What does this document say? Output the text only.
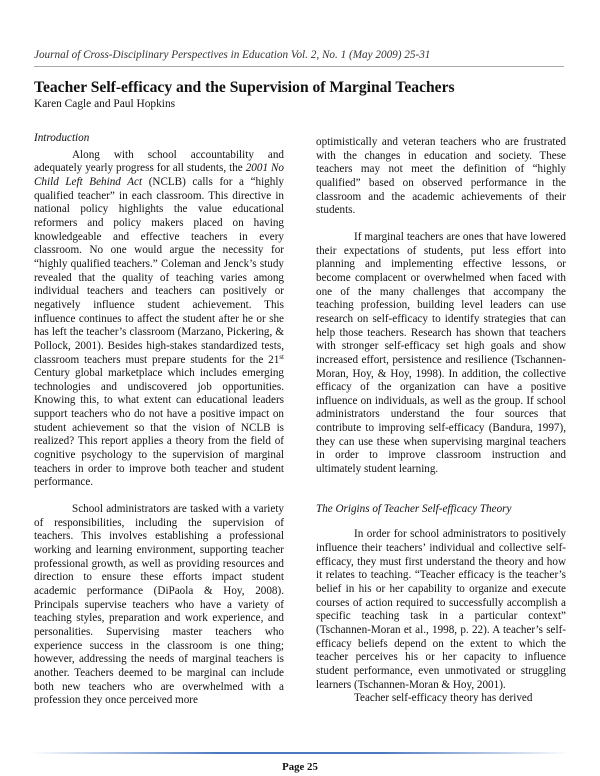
Journal of Cross-Disciplinary Perspectives in Education Vol. 2, No. 1 (May 2009) 25-31
Teacher Self-efficacy and the Supervision of Marginal Teachers
Karen Cagle and Paul Hopkins

Introduction

Along with school accountability and adequately yearly progress for all students, the 2001 No Child Left Behind Act (NCLB) calls for a “highly qualified teacher” in each classroom. This directive in national policy highlights the value educational reformers and policy makers placed on having knowledgeable and effective teachers in every classroom. No one would argue the necessity for “highly qualified teachers.” Coleman and Jenck’s study revealed that the quality of teaching varies among individual teachers and teachers can positively or negatively influence student achievement. This influence continues to affect the student after he or she has left the teacher’s classroom (Marzano, Pickering, & Pollock, 2001). Besides high-stakes standardized tests, classroom teachers must prepare students for the 21st Century global marketplace which includes emerging technologies and undiscovered job opportunities. Knowing this, to what extent can educational leaders support teachers who do not have a positive impact on student achievement so that the vision of NCLB is realized? This report applies a theory from the field of cognitive psychology to the supervision of marginal teachers in order to improve both teacher and student performance.

School administrators are tasked with a variety of responsibilities, including the supervision of teachers. This involves establishing a professional working and learning environment, supporting teacher professional growth, as well as providing resources and direction to ensure these efforts impact student academic performance (DiPaola & Hoy, 2008). Principals supervise teachers who have a variety of teaching styles, preparation and work experience, and personalities. Supervising master teachers who experience success in the classroom is one thing; however, addressing the needs of marginal teachers is another. Teachers deemed to be marginal can include both new teachers who are overwhelmed with a profession they once perceived more

optimistically and veteran teachers who are frustrated with the changes in education and society. These teachers may not meet the definition of “highly qualified” based on observed performance in the classroom and the academic achievements of their students.

If marginal teachers are ones that have lowered their expectations of students, put less effort into planning and implementing effective lessons, or become complacent or overwhelmed when faced with one of the many challenges that accompany the teaching profession, building level leaders can use research on self-efficacy to identify strategies that can help those teachers. Research has shown that teachers with stronger self-efficacy set high goals and show increased effort, persistence and resilience (Tschannen-Moran, Hoy, & Hoy, 1998). In addition, the collective efficacy of the organization can have a positive influence on individuals, as well as the group. If school administrators understand the four sources that contribute to improving self-efficacy (Bandura, 1997), they can use these when supervising marginal teachers in order to improve classroom instruction and ultimately student learning.

The Origins of Teacher Self-efficacy Theory

In order for school administrators to positively influence their teachers’ individual and collective self-efficacy, they must first understand the theory and how it relates to teaching. “Teacher efficacy is the teacher’s belief in his or her capability to organize and execute courses of action required to successfully accomplish a specific teaching task in a particular context” (Tschannen-Moran et al., 1998, p. 22). A teacher’s self-efficacy beliefs depend on the extent to which the teacher perceives his or her capacity to influence student performance, even unmotivated or struggling learners (Tschannen-Moran & Hoy, 2001).

Teacher self-efficacy theory has derived

Page 25
